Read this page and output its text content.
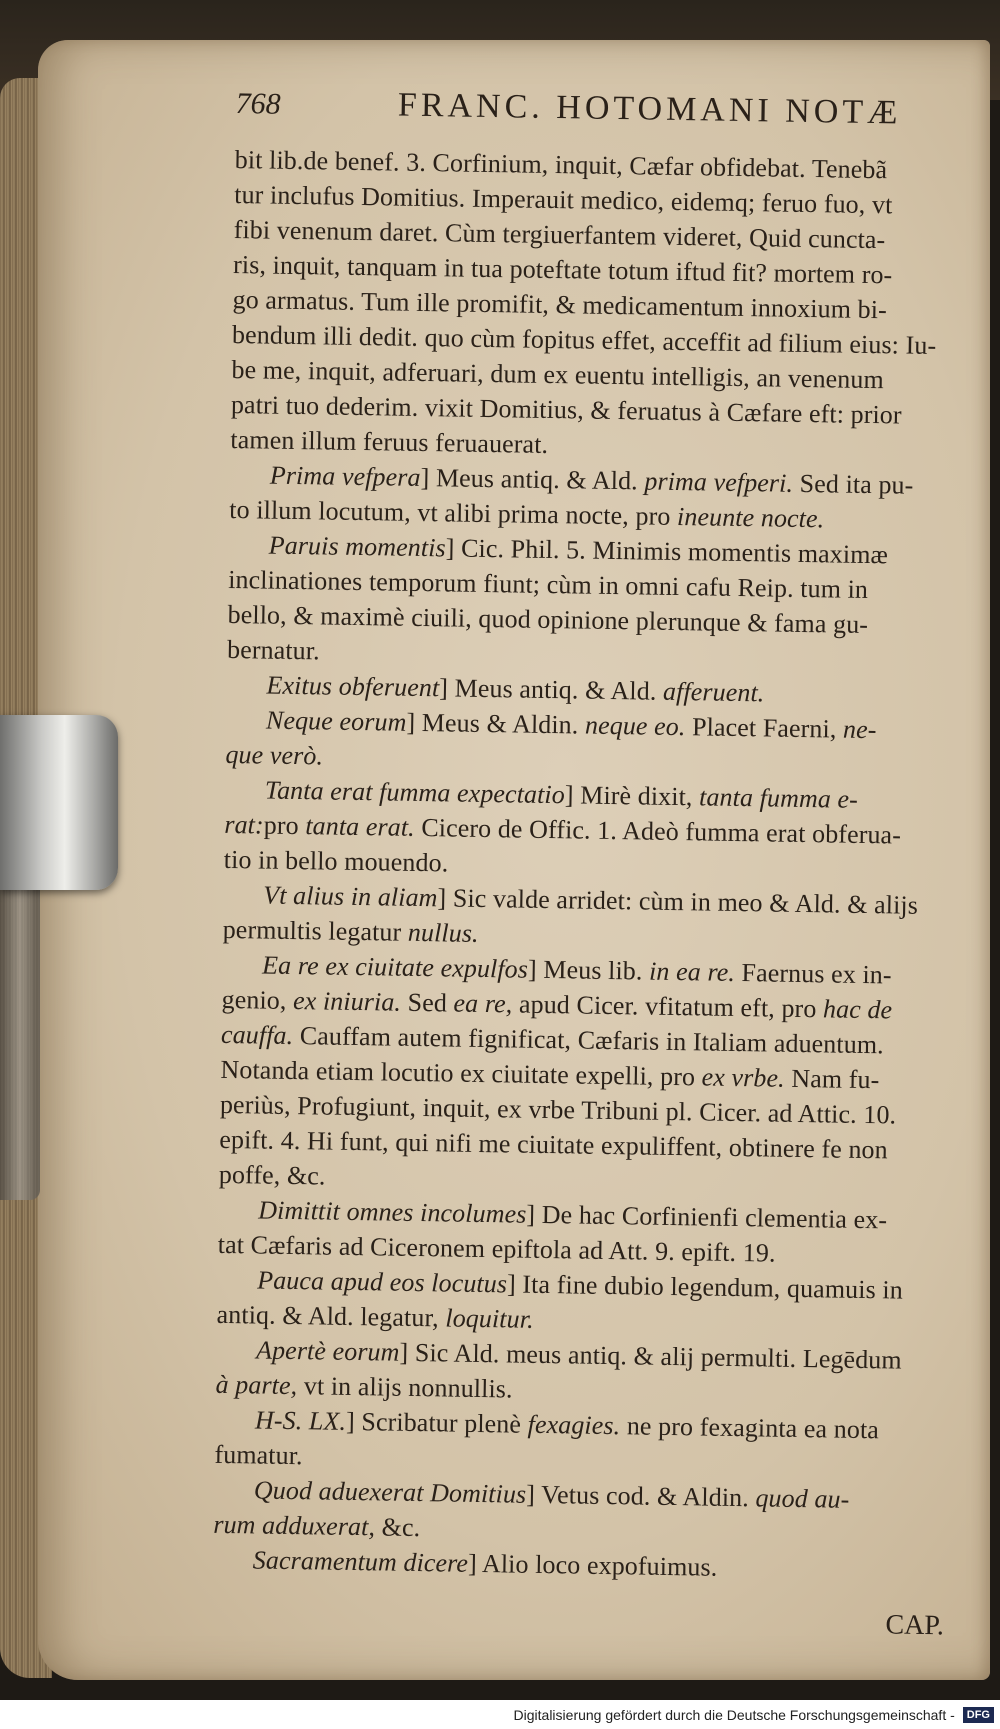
768	FRANC. HOTOMANI NOTÆ
bit lib.de benef. 3. Corfinium, inquit, Cæfar obfidebat. Tenebã
tur inclufus Domitius. Imperauit medico, eidemq; feruo fuo, vt
fibi venenum daret. Cùm tergiuerfantem videret, Quid cuncta-
ris, inquit, tanquam in tua poteftate totum iftud fit? mortem ro-
go armatus. Tum ille promifit, & medicamentum innoxium bi-
bendum illi dedit. quo cùm fopitus effet, acceffit ad filium eius: Iu-
be me, inquit, adferuari, dum ex euentu intelligis, an venenum
patri tuo dederim. vixit Domitius, & feruatus à Cæfare eft: prior
tamen illum feruus feruauerat.
Prima vefpera] Meus antiq. & Ald. prima vefperi. Sed ita pu-
to illum locutum, vt alibi prima nocte, pro ineunte nocte.
Paruis momentis] Cic. Phil. 5. Minimis momentis maximæ
inclinationes temporum fiunt; cùm in omni cafu Reip. tum in
bello, & maximè ciuili, quod opinione plerunque & fama gu-
bernatur.
Exitus obferuent] Meus antiq. & Ald. afferuent.
Neque eorum] Meus & Aldin. neque eo. Placet Faerni, ne-
que verò.
Tanta erat fumma expectatio] Mirè dixit, tanta fumma e-
rat:pro tanta erat. Cicero de Offic. 1. Adeò fumma erat obferua-
tio in bello mouendo.
Vt alius in aliam] Sic valde arridet: cùm in meo & Ald. & alijs
permultis legatur nullus.
Ea re ex ciuitate expulfos] Meus lib. in ea re. Faernus ex in-
genio, ex iniuria. Sed ea re, apud Cicer. vfitatum eft, pro hac de
cauffa. Cauffam autem fignificat, Cæfaris in Italiam aduentum.
Notanda etiam locutio ex ciuitate expelli, pro ex vrbe. Nam fu-
periùs, Profugiunt, inquit, ex vrbe Tribuni pl. Cicer. ad Attic. 10.
epift. 4. Hi funt, qui nifi me ciuitate expuliffent, obtinere fe non
poffe, &c.
Dimittit omnes incolumes] De hac Corfinienfi clementia ex-
tat Cæfaris ad Ciceronem epiftola ad Att. 9. epift. 19.
Pauca apud eos locutus] Ita fine dubio legendum, quamuis in
antiq. & Ald. legatur, loquitur.
Apertè eorum] Sic Ald. meus antiq. & alij permulti. Legēdum
à parte, vt in alijs nonnullis.
H-S. LX.] Scribatur plenè fexagies. ne pro fexaginta ea nota
fumatur.
Quod aduexerat Domitius] Vetus cod. & Aldin. quod au-
rum adduxerat, &c.
Sacramentum dicere] Alio loco expofuimus.
CAP.
Digitalisierung gefördert durch die Deutsche Forschungsgemeinschaft -	DFG
